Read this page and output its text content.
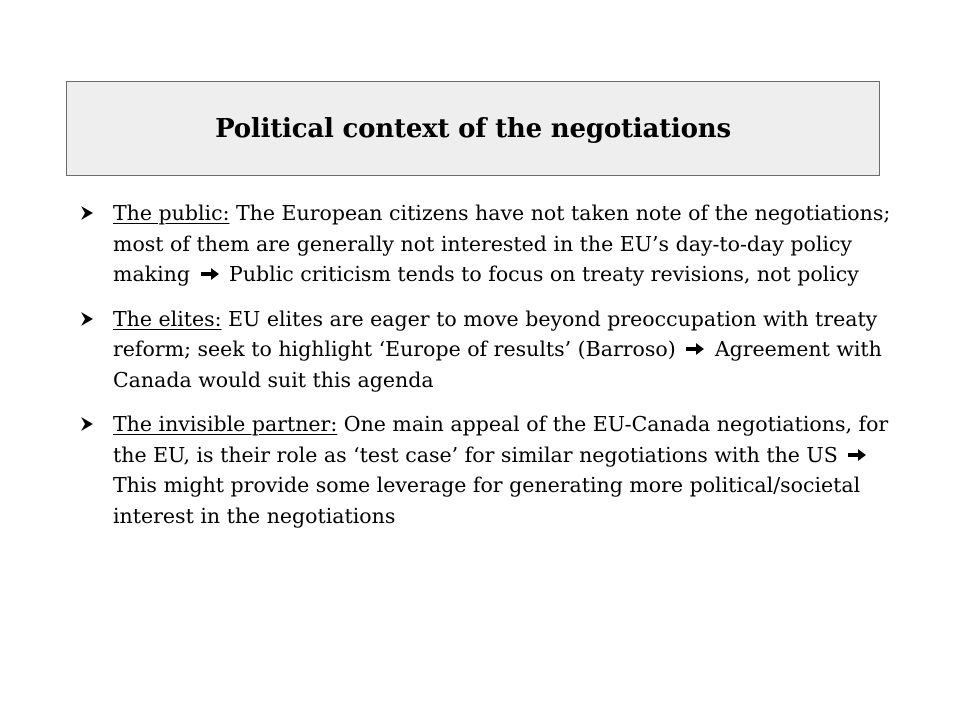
Political context of the negotiations
The public: The European citizens have not taken note of the negotiations; most of them are generally not interested in the EU’s day-to-day policy making Public criticism tends to focus on treaty revisions, not policy
The elites: EU elites are eager to move beyond preoccupation with treaty reform; seek to highlight ‘Europe of results’ (Barroso) Agreement with Canada would suit this agenda
The invisible partner: One main appeal of the EU-Canada negotiations, for the EU, is their role as ‘test case’ for similar negotiations with the US  This might provide some leverage for generating more political/societal interest in the negotiations
